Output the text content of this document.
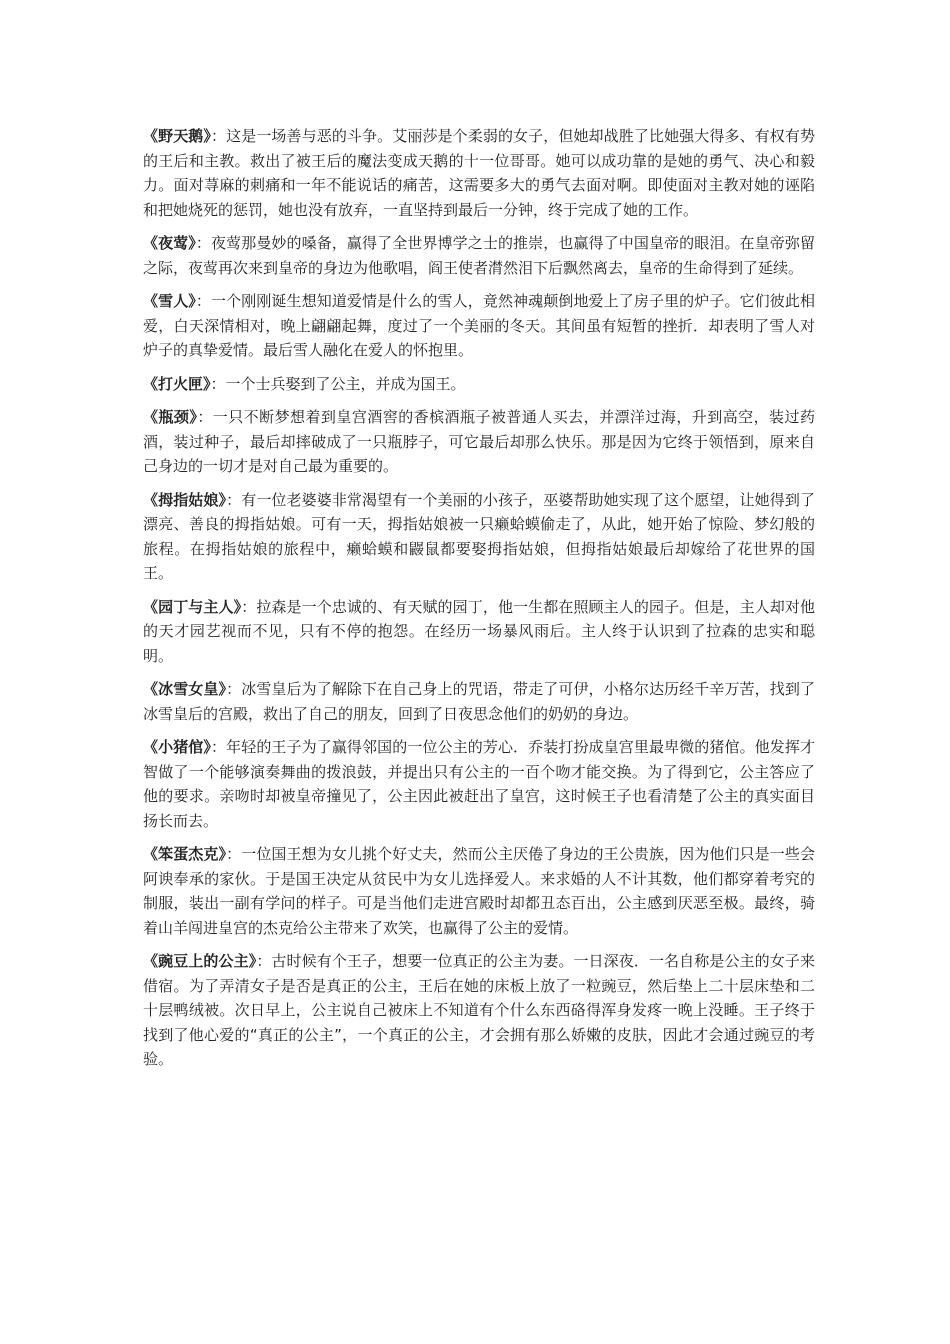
《野天鹅》：这是一场善与恶的斗争。艾丽莎是个柔弱的女子，但她却战胜了比她强大得多、有权有势的王后和主教。救出了被王后的魔法变成天鹅的十一位哥哥。她可以成功靠的是她的勇气、决心和毅力。面对荨麻的刺痛和一年不能说话的痛苦，这需要多大的勇气去面对啊。即使面对主教对她的诬陷和把她烧死的惩罚，她也没有放弃，一直坚持到最后一分钟，终于完成了她的工作。

《夜莺》：夜莺那曼妙的嗓备，赢得了全世界博学之士的推崇，也赢得了中国皇帝的眼泪。在皇帝弥留之际，夜莺再次来到皇帝的身边为他歌唱，阎王使者潸然泪下后飘然离去，皇帝的生命得到了延续。

《雪人》：一个刚刚诞生想知道爱情是什么的雪人，竟然神魂颠倒地爱上了房子里的炉子。它们彼此相爱，白天深情相对，晚上翩翩起舞，度过了一个美丽的冬天。其间虽有短暂的挫折．却表明了雪人对炉子的真挚爱情。最后雪人融化在爱人的怀抱里。

《打火匣》：一个士兵娶到了公主，并成为国王。

《瓶颈》：一只不断梦想着到皇宫酒窖的香槟酒瓶子被普通人买去，并漂洋过海，升到高空，装过药酒，装过种子，最后却摔破成了一只瓶脖子，可它最后却那么快乐。那是因为它终于领悟到，原来自己身边的一切才是对自己最为重要的。

《拇指姑娘》：有一位老婆婆非常渴望有一个美丽的小孩子，巫婆帮助她实现了这个愿望，让她得到了漂亮、善良的拇指姑娘。可有一天，拇指姑娘被一只癞蛤蟆偷走了，从此，她开始了惊险、梦幻般的旅程。在拇指姑娘的旅程中，癞蛤蟆和鼹鼠都要娶拇指姑娘，但拇指姑娘最后却嫁给了花世界的国王。

《园丁与主人》：拉森是一个忠诚的、有天赋的园丁，他一生都在照顾主人的园子。但是，主人却对他的天才园艺视而不见，只有不停的抱怨。在经历一场暴风雨后。主人终于认识到了拉森的忠实和聪明。

《冰雪女皇》：冰雪皇后为了解除下在自己身上的咒语，带走了可伊，小格尔达历经千辛万苦，找到了冰雪皇后的宫殿，救出了自己的朋友，回到了日夜思念他们的奶奶的身边。

《小猪倌》：年轻的王子为了赢得邻国的一位公主的芳心．乔装打扮成皇宫里最卑微的猪倌。他发挥才智做了一个能够演奏舞曲的拨浪鼓，并提出只有公主的一百个吻才能交换。为了得到它，公主答应了他的要求。亲吻时却被皇帝撞见了，公主因此被赶出了皇宫，这时候王子也看清楚了公主的真实面目扬长而去。

《笨蛋杰克》：一位国王想为女儿挑个好丈夫，然而公主厌倦了身边的王公贵族，因为他们只是一些会阿谀奉承的家伙。于是国王决定从贫民中为女儿选择爱人。来求婚的人不计其数，他们都穿着考究的制服，装出一副有学问的样子。可是当他们走进宫殿时却都丑态百出，公主感到厌恶至极。最终，骑着山羊闯进皇宫的杰克给公主带来了欢笑，也赢得了公主的爱情。

《豌豆上的公主》：古时候有个王子，想要一位真正的公主为妻。一日深夜．一名自称是公主的女子来借宿。为了弄清女子是否是真正的公主，王后在她的床板上放了一粒豌豆，然后垫上二十层床垫和二十层鸭绒被。次日早上，公主说自己被床上不知道有个什么东西硌得浑身发疼一晚上没睡。王子终于找到了他心爱的“真正的公主”，一个真正的公主，才会拥有那么娇嫩的皮肤，因此才会通过豌豆的考验。
